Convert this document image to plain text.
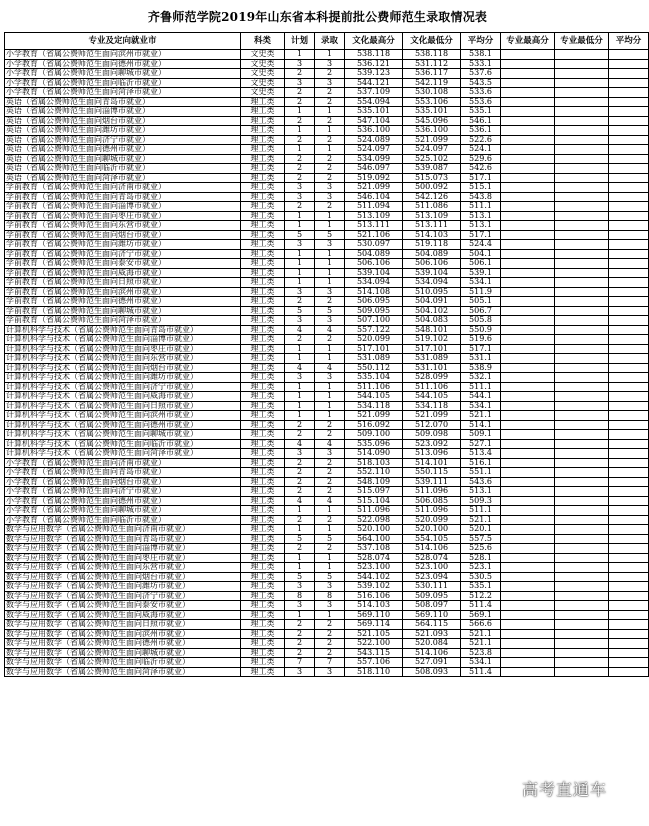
齐鲁师范学院2019年山东省本科提前批公费师范生录取情况表
专业及定向就业市	科类	计划	录取	文化最高分	文化最低分	平均分	专业最高分	专业最低分	平均分
小学教育（省属公费师范生面向滨州市就业）	文史类	1	1	538.118	538.118	538.1			
小学教育（省属公费师范生面向德州市就业）	文史类	3	3	536.121	531.112	533.1			
小学教育（省属公费师范生面向聊城市就业）	文史类	2	2	539.123	536.117	537.6			
小学教育（省属公费师范生面向临沂市就业）	文史类	3	3	544.121	542.119	543.5			
小学教育（省属公费师范生面向菏泽市就业）	文史类	2	2	537.109	530.108	533.6			
英语（省属公费师范生面向青岛市就业）	理工类	2	2	554.094	553.106	553.6			
英语（省属公费师范生面向淄博市就业）	理工类	1	1	535.101	535.101	535.1			
英语（省属公费师范生面向烟台市就业）	理工类	2	2	547.104	545.096	546.1			
英语（省属公费师范生面向潍坊市就业）	理工类	1	1	536.100	536.100	536.1			
英语（省属公费师范生面向济宁市就业）	理工类	2	2	524.089	521.099	522.6			
英语（省属公费师范生面向德州市就业）	理工类	1	1	524.097	524.097	524.1			
英语（省属公费师范生面向聊城市就业）	理工类	2	2	534.099	525.102	529.6			
英语（省属公费师范生面向临沂市就业）	理工类	2	2	546.097	539.087	542.6			
英语（省属公费师范生面向菏泽市就业）	理工类	2	2	519.092	515.073	517.1			
学前教育（省属公费师范生面向济南市就业）	理工类	3	3	521.099	500.092	515.1			
学前教育（省属公费师范生面向青岛市就业）	理工类	3	3	546.104	542.126	543.8			
学前教育（省属公费师范生面向淄博市就业）	理工类	2	2	511.094	511.086	511.1			
学前教育（省属公费师范生面向枣庄市就业）	理工类	1	1	513.109	513.109	513.1			
学前教育（省属公费师范生面向东营市就业）	理工类	1	1	513.111	513.111	513.1			
学前教育（省属公费师范生面向烟台市就业）	理工类	5	5	521.106	514.103	517.1			
学前教育（省属公费师范生面向潍坊市就业）	理工类	3	3	530.097	519.118	524.4			
学前教育（省属公费师范生面向济宁市就业）	理工类	1	1	504.089	504.089	504.1			
学前教育（省属公费师范生面向泰安市就业）	理工类	1	1	506.106	506.106	506.1			
学前教育（省属公费师范生面向威海市就业）	理工类	1	1	539.104	539.104	539.1			
学前教育（省属公费师范生面向日照市就业）	理工类	1	1	534.094	534.094	534.1			
学前教育（省属公费师范生面向滨州市就业）	理工类	3	3	514.108	510.095	511.9			
学前教育（省属公费师范生面向德州市就业）	理工类	2	2	506.095	504.091	505.1			
学前教育（省属公费师范生面向聊城市就业）	理工类	5	5	509.095	504.102	506.7			
学前教育（省属公费师范生面向菏泽市就业）	理工类	3	3	507.100	504.083	505.8			
计算机科学与技术（省属公费师范生面向青岛市就业）	理工类	4	4	557.122	548.101	550.9			
计算机科学与技术（省属公费师范生面向淄博市就业）	理工类	2	2	520.099	519.102	519.6			
计算机科学与技术（省属公费师范生面向枣庄市就业）	理工类	1	1	517.101	517.101	517.1			
计算机科学与技术（省属公费师范生面向东营市就业）	理工类	1	1	531.089	531.089	531.1			
计算机科学与技术（省属公费师范生面向烟台市就业）	理工类	4	4	550.112	531.101	538.9			
计算机科学与技术（省属公费师范生面向潍坊市就业）	理工类	3	3	535.104	528.099	532.1			
计算机科学与技术（省属公费师范生面向济宁市就业）	理工类	1	1	511.106	511.106	511.1			
计算机科学与技术（省属公费师范生面向威海市就业）	理工类	1	1	544.105	544.105	544.1			
计算机科学与技术（省属公费师范生面向日照市就业）	理工类	1	1	534.118	534.118	534.1			
计算机科学与技术（省属公费师范生面向滨州市就业）	理工类	1	1	521.099	521.099	521.1			
计算机科学与技术（省属公费师范生面向德州市就业）	理工类	2	2	516.092	512.070	514.1			
计算机科学与技术（省属公费师范生面向聊城市就业）	理工类	2	2	509.100	509.098	509.1			
计算机科学与技术（省属公费师范生面向临沂市就业）	理工类	4	4	535.096	523.092	527.1			
计算机科学与技术（省属公费师范生面向菏泽市就业）	理工类	3	3	514.090	513.096	513.4			
小学教育（省属公费师范生面向济南市就业）	理工类	2	2	518.103	514.101	516.1			
小学教育（省属公费师范生面向青岛市就业）	理工类	2	2	552.110	550.115	551.1			
小学教育（省属公费师范生面向烟台市就业）	理工类	2	2	548.109	539.111	543.6			
小学教育（省属公费师范生面向济宁市就业）	理工类	2	2	515.097	511.096	513.1			
小学教育（省属公费师范生面向德州市就业）	理工类	4	4	515.104	506.085	509.3			
小学教育（省属公费师范生面向聊城市就业）	理工类	1	1	511.096	511.096	511.1			
小学教育（省属公费师范生面向临沂市就业）	理工类	2	2	522.098	520.099	521.1			
数学与应用数学（省属公费师范生面向济南市就业）	理工类	1	1	520.100	520.100	520.1			
数学与应用数学（省属公费师范生面向青岛市就业）	理工类	5	5	564.100	554.105	557.5			
数学与应用数学（省属公费师范生面向淄博市就业）	理工类	2	2	537.108	514.106	525.6			
数学与应用数学（省属公费师范生面向枣庄市就业）	理工类	1	1	528.074	528.074	528.1			
数学与应用数学（省属公费师范生面向东营市就业）	理工类	1	1	523.100	523.100	523.1			
数学与应用数学（省属公费师范生面向烟台市就业）	理工类	5	5	544.102	523.094	530.5			
数学与应用数学（省属公费师范生面向潍坊市就业）	理工类	3	3	539.102	530.111	535.1			
数学与应用数学（省属公费师范生面向济宁市就业）	理工类	8	8	516.106	509.095	512.2			
数学与应用数学（省属公费师范生面向泰安市就业）	理工类	3	3	514.103	508.097	511.4			
数学与应用数学（省属公费师范生面向威海市就业）	理工类	1	1	569.110	569.110	569.1			
数学与应用数学（省属公费师范生面向日照市就业）	理工类	2	2	569.114	564.115	566.6			
数学与应用数学（省属公费师范生面向滨州市就业）	理工类	2	2	521.105	521.093	521.1			
数学与应用数学（省属公费师范生面向德州市就业）	理工类	2	2	522.100	520.084	521.1			
数学与应用数学（省属公费师范生面向聊城市就业）	理工类	2	2	543.115	514.106	523.8			
数学与应用数学（省属公费师范生面向临沂市就业）	理工类	7	7	557.106	527.091	534.1			
数学与应用数学（省属公费师范生面向菏泽市就业）	理工类	3	3	518.110	508.093	511.4			
高考直通车
